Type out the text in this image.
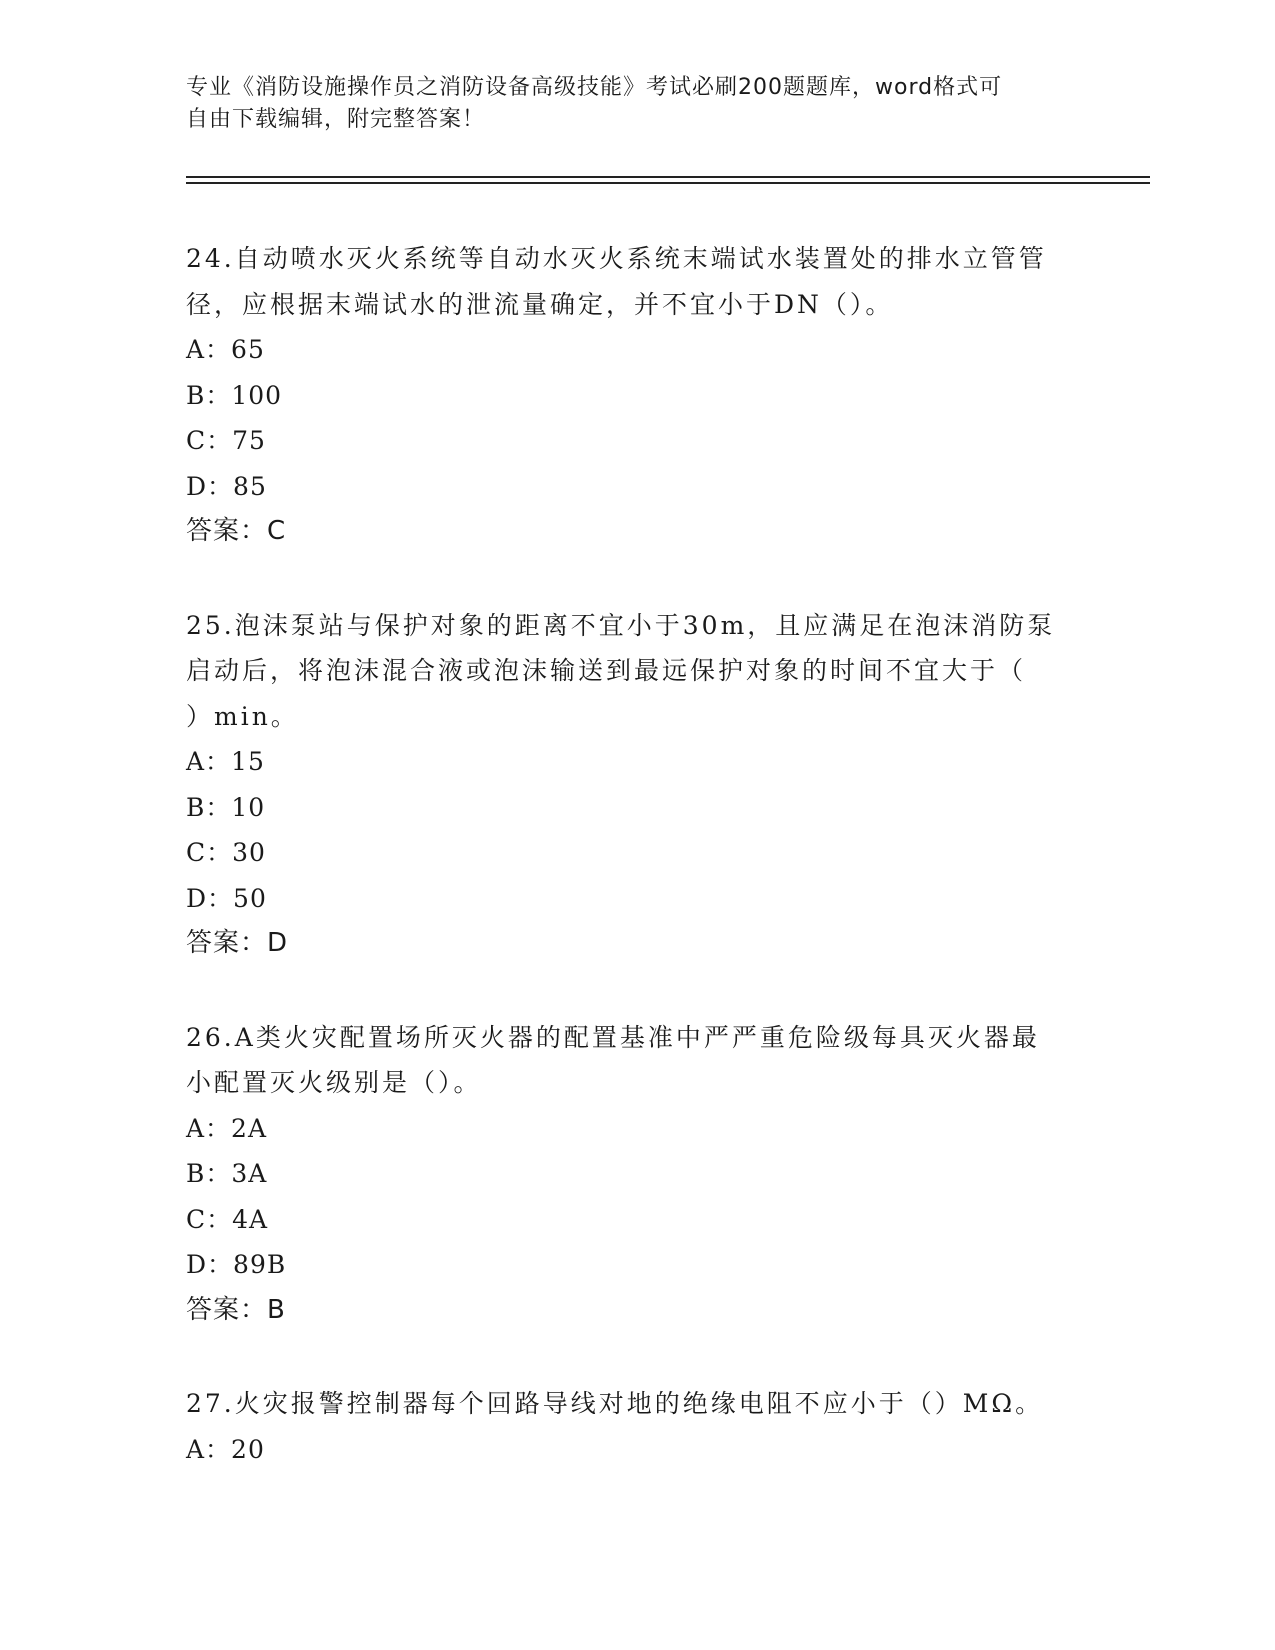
专业《消防设施操作员之消防设备高级技能》考试必刷200题题库，word格式可
自由下载编辑，附完整答案！

24.自动喷水灭火系统等自动水灭火系统末端试水装置处的排水立管管

径，应根据末端试水的泄流量确定，并不宜小于DN（）。

A：65

B：100

C：75

D：85

答案：C

25.泡沫泵站与保护对象的距离不宜小于30m，且应满足在泡沫消防泵

启动后，将泡沫混合液或泡沫输送到最远保护对象的时间不宜大于（

）min。

A：15

B：10

C：30

D：50

答案：D

26.A类火灾配置场所灭火器的配置基准中严严重危险级每具灭火器最

小配置灭火级别是（）。

A：2A

B：3A

C：4A

D：89B

答案：B

27.火灾报警控制器每个回路导线对地的绝缘电阻不应小于（）MΩ。

A：20
